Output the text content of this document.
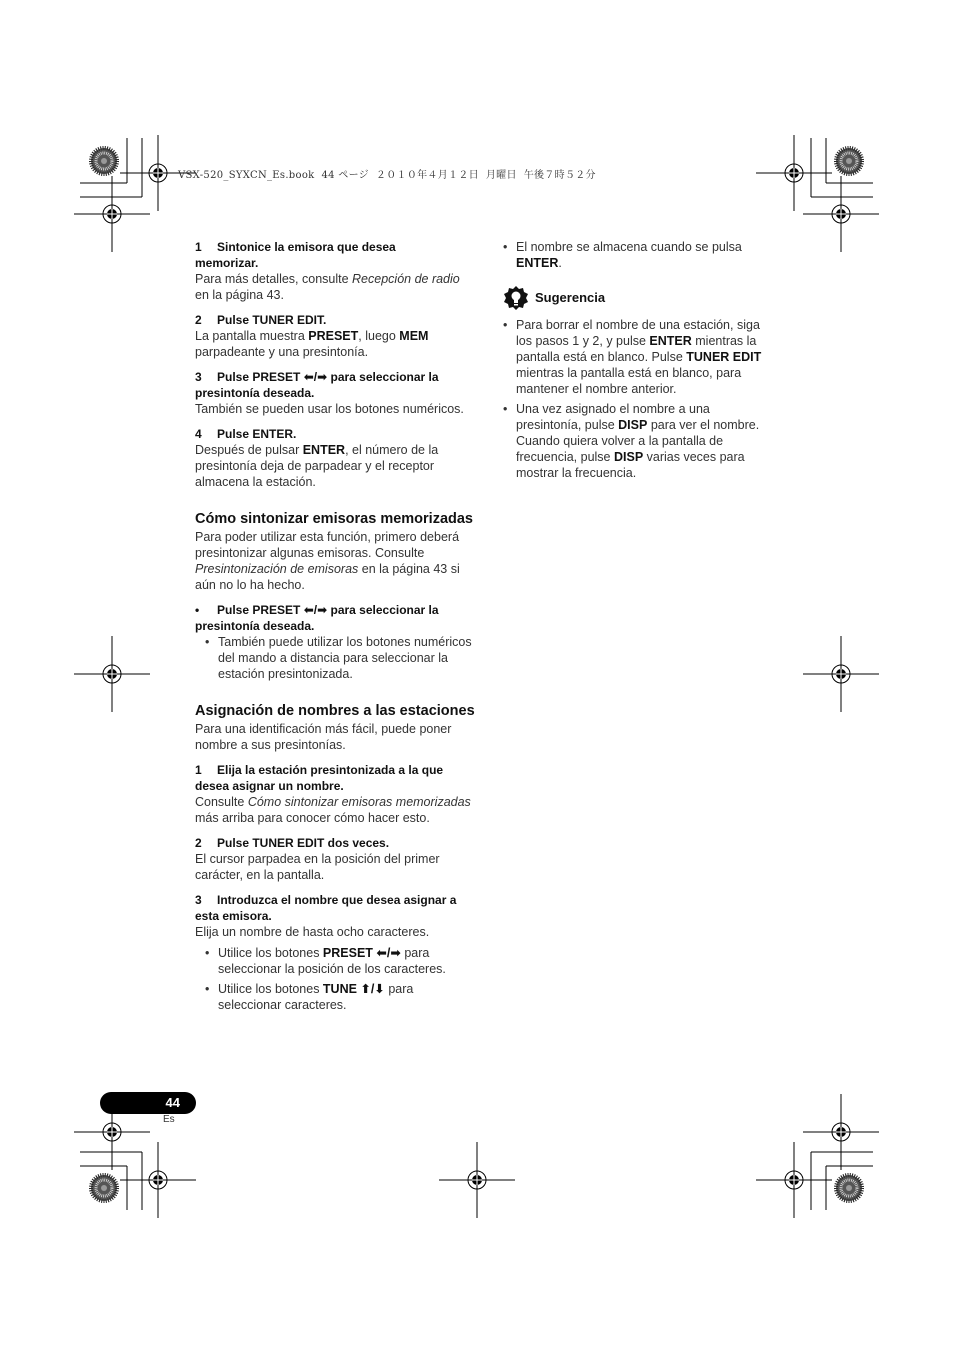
VSX-520_SYXCN_Es.book  44 ページ  ２０１０年４月１２日  月曜日  午後７時５２分

1 Sintonice la emisora que desea
memorizar.

Para más detalles, consulte Recepción de radio en la página 43.

2 Pulse TUNER EDIT.

La pantalla muestra PRESET, luego MEM parpadeante y una presintonía.

3 Pulse PRESET ⬅/➡ para seleccionar la
presintonía deseada.

También se pueden usar los botones numéricos.

4 Pulse ENTER.

Después de pulsar ENTER, el número de la presintonía deja de parpadear y el receptor almacena la estación.

Cómo sintonizar emisoras memorizadas

Para poder utilizar esta función, primero deberá presintonizar algunas emisoras. Consulte Presintonización de emisoras en la página 43 si aún no lo ha hecho.

• Pulse PRESET ⬅/➡ para seleccionar la
presintonía deseada.

• También puede utilizar los botones numéricos del mando a distancia para seleccionar la estación presintonizada.

Asignación de nombres a las estaciones

Para una identificación más fácil, puede poner nombre a sus presintonías.

1 Elija la estación presintonizada a la que
desea asignar un nombre.

Consulte Cómo sintonizar emisoras memorizadas más arriba para conocer cómo hacer esto.

2 Pulse TUNER EDIT dos veces.

El cursor parpadea en la posición del primer carácter, en la pantalla.

3 Introduzca el nombre que desea asignar a
esta emisora.

Elija un nombre de hasta ocho caracteres.

• Utilice los botones PRESET ⬅/➡ para seleccionar la posición de los caracteres.

• Utilice los botones TUNE ⬆/⬇ para seleccionar caracteres.

• El nombre se almacena cuando se pulsa ENTER.

Sugerencia

• Para borrar el nombre de una estación, siga los pasos 1 y 2, y pulse ENTER mientras la pantalla está en blanco. Pulse TUNER EDIT mientras la pantalla está en blanco, para mantener el nombre anterior.

• Una vez asignado el nombre a una presintonía, pulse DISP para ver el nombre. Cuando quiera volver a la pantalla de frecuencia, pulse DISP varias veces para mostrar la frecuencia.

44
Es
